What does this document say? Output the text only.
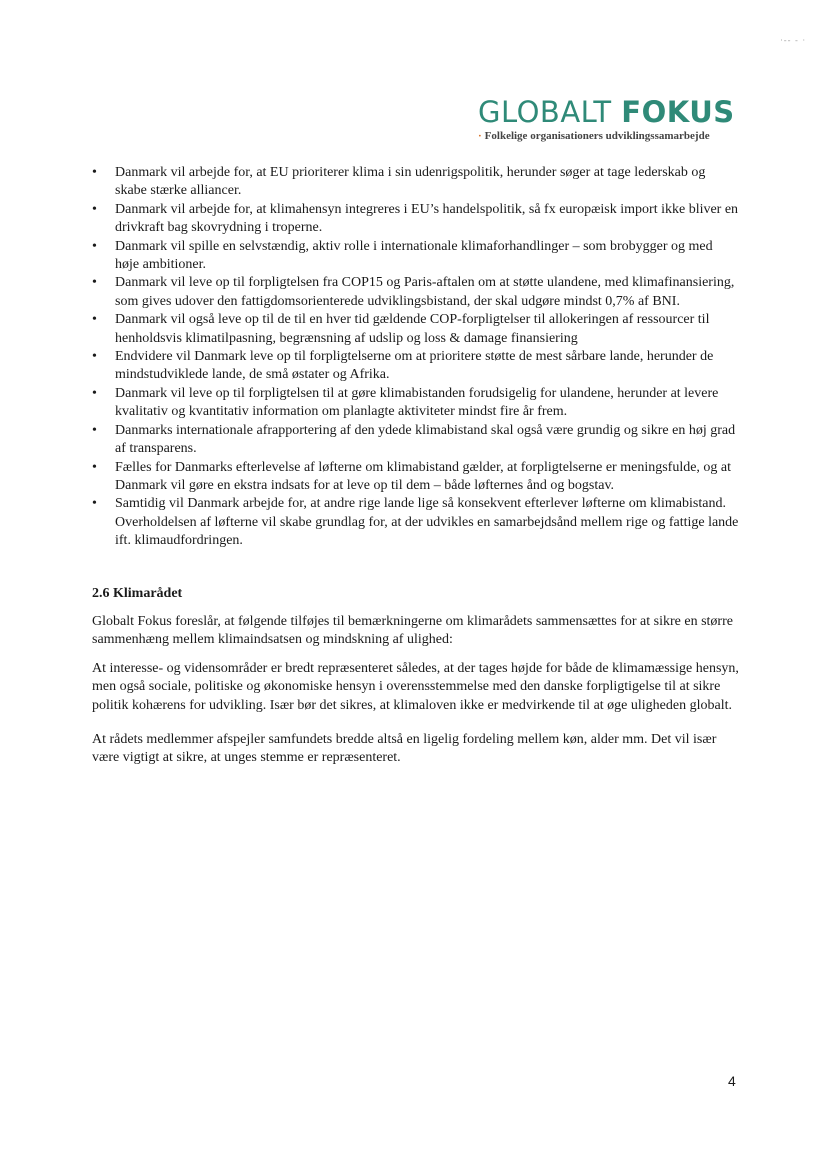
·‐‐ ‐ ·
GLOBALT FOKUS
· Folkelige organisationers udviklingssamarbejde
• Danmark vil arbejde for, at EU prioriterer klima i sin udenrigspolitik, herunder søger at tage lederskab og skabe stærke alliancer.
• Danmark vil arbejde for, at klimahensyn integreres i EU’s handelspolitik, så fx europæisk import ikke bliver en drivkraft bag skovrydning i troperne.
• Danmark vil spille en selvstændig, aktiv rolle i internationale klimaforhandlinger – som brobygger og med høje ambitioner.
• Danmark vil leve op til forpligtelsen fra COP15 og Paris-aftalen om at støtte ulandene, med klimafinansiering, som gives udover den fattigdomsorienterede udviklingsbistand, der skal udgøre mindst 0,7% af BNI.
• Danmark vil også leve op til de til en hver tid gældende COP-forpligtelser til allokeringen af ressourcer til henholdsvis klimatilpasning, begrænsning af udslip og loss & damage finansiering
• Endvidere vil Danmark leve op til forpligtelserne om at prioritere støtte de mest sårbare lande, herunder de mindstudviklede lande, de små østater og Afrika.
• Danmark vil leve op til forpligtelsen til at gøre klimabistanden forudsigelig for ulandene, herunder at levere kvalitativ og kvantitativ information om planlagte aktiviteter mindst fire år frem.
• Danmarks internationale afrapportering af den ydede klimabistand skal også være grundig og sikre en høj grad af transparens.
• Fælles for Danmarks efterlevelse af løfterne om klimabistand gælder, at forpligtelserne er meningsfulde, og at Danmark vil gøre en ekstra indsats for at leve op til dem – både løfternes ånd og bogstav.
• Samtidig vil Danmark arbejde for, at andre rige lande lige så konsekvent efterlever løfterne om klimabistand. Overholdelsen af løfterne vil skabe grundlag for, at der udvikles en samarbejdsånd mellem rige og fattige lande ift. klimaudfordringen.
2.6 Klimarådet

Globalt Fokus foreslår, at følgende tilføjes til bemærkningerne om klimarådets sammensættes for at sikre en større sammenhæng mellem klimaindsatsen og mindskning af ulighed:

At interesse- og vidensområder er bredt repræsenteret således, at der tages højde for både de klimamæssige hensyn, men også sociale, politiske og økonomiske hensyn i overensstemmelse med den danske forpligtigelse til at sikre politik kohærens for udvikling. Især bør det sikres, at klimaloven ikke er medvirkende til at øge uligheden globalt.

At rådets medlemmer afspejler samfundets bredde altså en ligelig fordeling mellem køn, alder mm. Det vil især være vigtigt at sikre, at unges stemme er repræsenteret.

4
